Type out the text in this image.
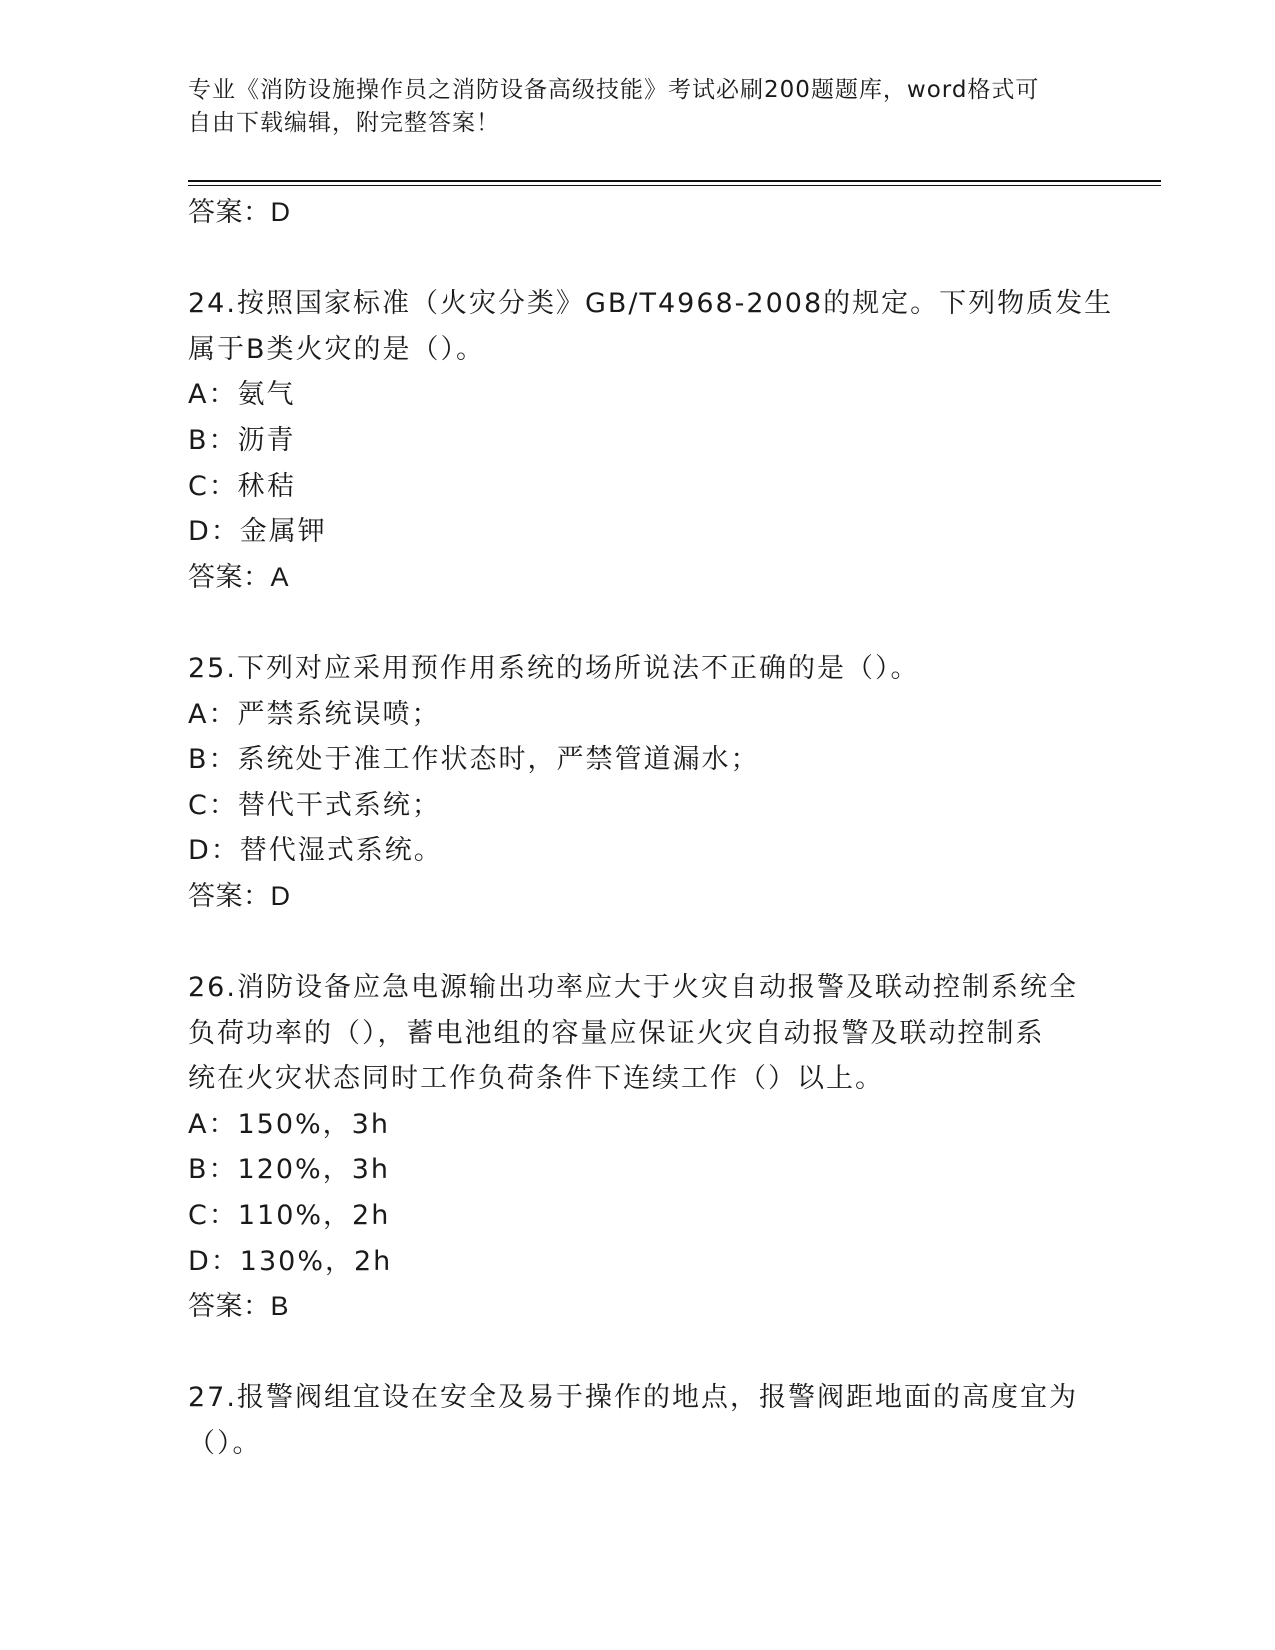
专业《消防设施操作员之消防设备高级技能》考试必刷200题题库，word格式可
自由下载编辑，附完整答案！
答案：D
24.按照国家标准（火灾分类》GB/T4968-2008的规定。下列物质发生
属于B类火灾的是（）。
A：氨气
B：沥青
C：秫秸
D：金属钾
答案：A
25.下列对应采用预作用系统的场所说法不正确的是（）。
A：严禁系统误喷；
B：系统处于准工作状态时，严禁管道漏水；
C：替代干式系统；
D：替代湿式系统。
答案：D
26.消防设备应急电源输出功率应大于火灾自动报警及联动控制系统全
负荷功率的（），蓄电池组的容量应保证火灾自动报警及联动控制系
统在火灾状态同时工作负荷条件下连续工作（）以上。
A：150%，3h
B：120%，3h
C：110%，2h
D：130%，2h
答案：B
27.报警阀组宜设在安全及易于操作的地点，报警阀距地面的高度宜为
（）。
